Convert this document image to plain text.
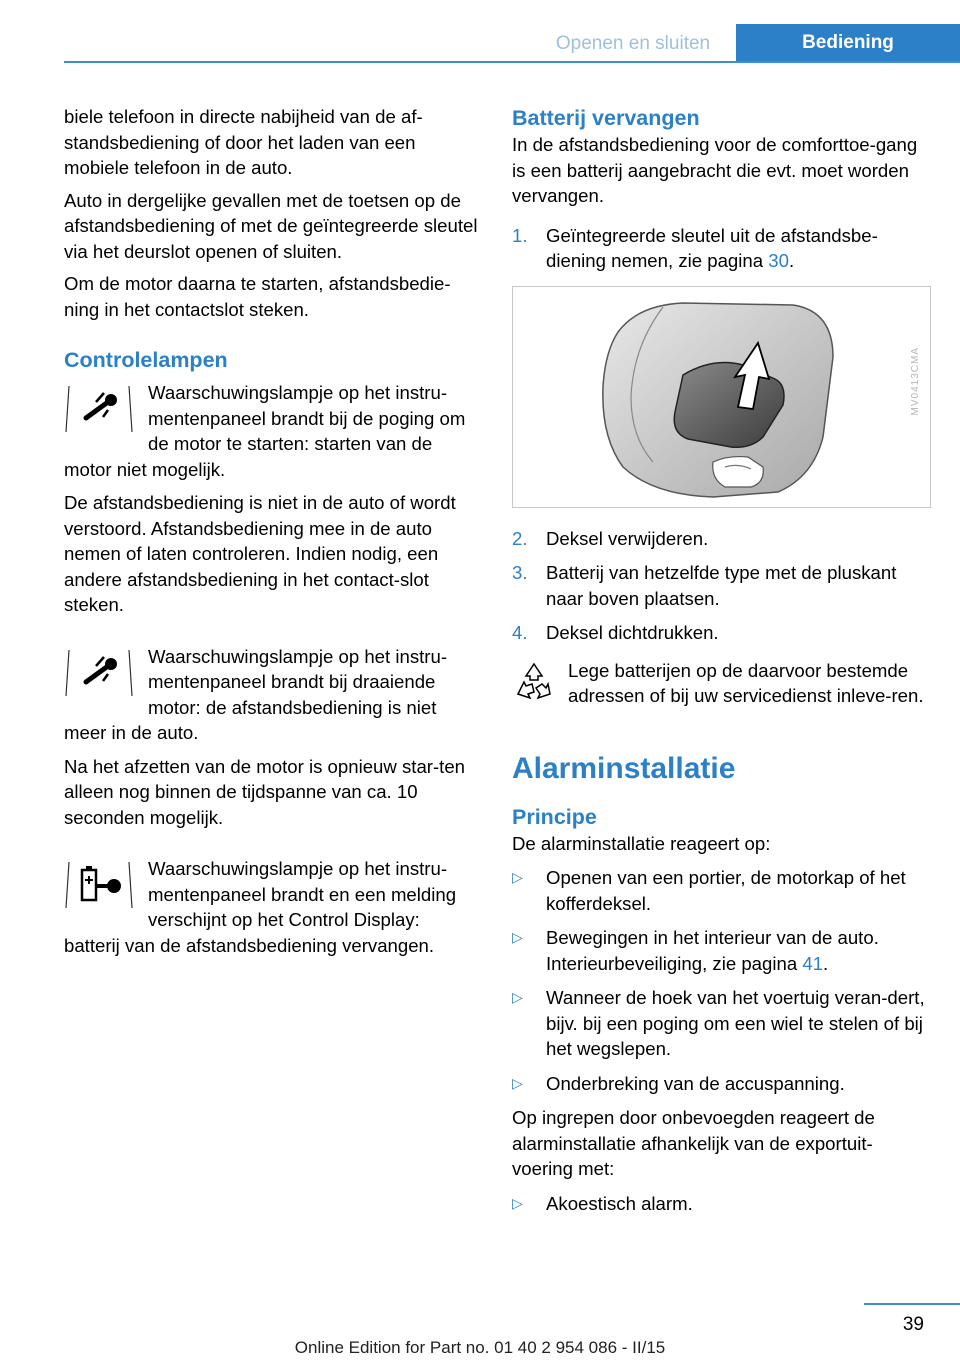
Openen en sluiten	Bediening

biele telefoon in directe nabijheid van de af‐standsbediening of door het laden van een mobiele telefoon in de auto.

Auto in dergelijke gevallen met de toetsen op de afstandsbediening of met de geïntegreerde sleutel via het deurslot openen of sluiten.

Om de motor daarna te starten, afstandsbedie‐ning in het contactslot steken.

Controlelampen

Waarschuwingslampje op het instru‐mentenpaneel brandt bij de poging om de motor te starten: starten van de motor niet mogelijk.

De afstandsbediening is niet in de auto of wordt verstoord. Afstandsbediening mee in de auto nemen of laten controleren. Indien nodig, een andere afstandsbediening in het contact‐slot steken.

Waarschuwingslampje op het instru‐mentenpaneel brandt bij draaiende motor: de afstandsbediening is niet meer in de auto.

Na het afzetten van de motor is opnieuw star‐ten alleen nog binnen de tijdspanne van ca. 10 seconden mogelijk.

Waarschuwingslampje op het instru‐mentenpaneel brandt en een melding verschijnt op het Control Display: batterij van de afstandsbediening vervangen.

Batterij vervangen

In de afstandsbediening voor de comforttoe‐gang is een batterij aangebracht die evt. moet worden vervangen.

1. Geïntegreerde sleutel uit de afstandsbe‐diening nemen, zie pagina 30.
MV0413CMA
2. Deksel verwijderen.
3. Batterij van hetzelfde type met de pluskant naar boven plaatsen.
4. Deksel dichtdrukken.

Lege batterijen op de daarvoor bestemde adressen of bij uw servicedienst inleve‐ren.

Alarminstallatie
Principe

De alarminstallatie reageert op:

▷ Openen van een portier, de motorkap of het kofferdeksel.
▷ Bewegingen in het interieur van de auto. Interieurbeveiliging, zie pagina 41.
▷ Wanneer de hoek van het voertuig veran‐dert, bijv. bij een poging om een wiel te stelen of bij het wegslepen.
▷ Onderbreking van de accuspanning.

Op ingrepen door onbevoegden reageert de alarminstallatie afhankelijk van de exportuit‐voering met:

▷ Akoestisch alarm.
39
Online Edition for Part no. 01 40 2 954 086 - II/15
